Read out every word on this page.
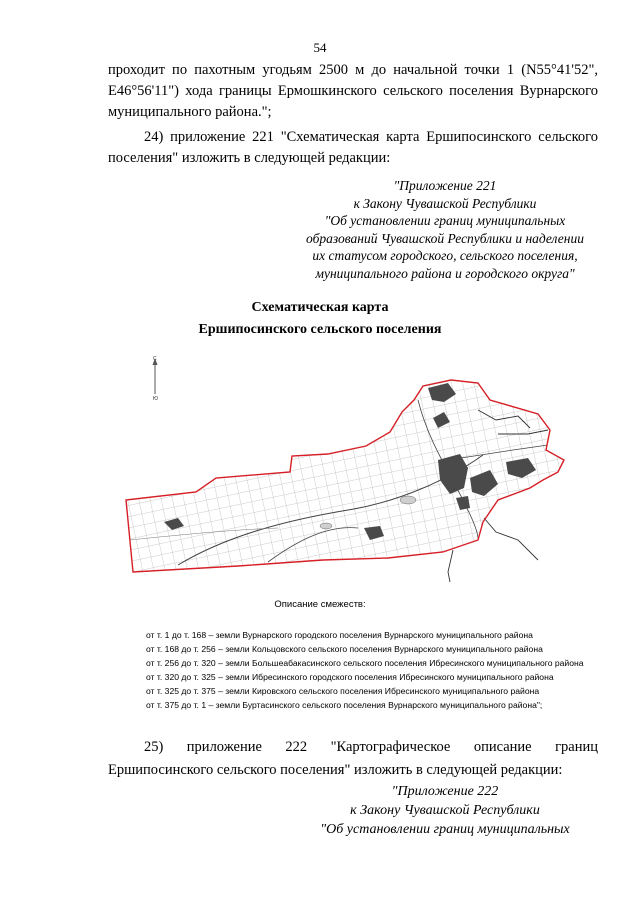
54
проходит по пахотным угодьям 2500 м до начальной точки 1 (N55°41'52", E46°56'11") хода границы Ермошкинского сельского поселения Вурнарского муниципального района.";
24) приложение 221 "Схематическая карта Ершипосинского сельского поселения" изложить в следующей редакции:
"Приложение 221
к Закону Чувашской Республики
"Об установлении границ муниципальных
образований Чувашской Республики и наделении
их статусом городского, сельского поселения,
муниципального района и городского округа"
Схематическая карта
Ершипосинского сельского поселения
С
Ю
Описание смежеств:
от т. 1 до т. 168 – земли Вурнарского городского поселения Вурнарского муниципального района
от т. 168 до т. 256 – земли Кольцовского сельского поселения Вурнарского муниципального района
от т. 256 до т. 320 – земли Большеабакасинского сельского поселения Ибресинского муниципального района
от т. 320 до т. 325 – земли Ибресинского городского поселения Ибресинского муниципального района
от т. 325 до т. 375 – земли Кировского сельского поселения Ибресинского муниципального района
от т. 375 до т. 1 – земли Буртасинского сельского поселения Вурнарского муниципального района";
25) приложение 222 "Картографическое описание границ Ершипосинского сельского поселения" изложить в следующей редакции:
"Приложение 222
к Закону Чувашской Республики
"Об установлении границ муниципальных
